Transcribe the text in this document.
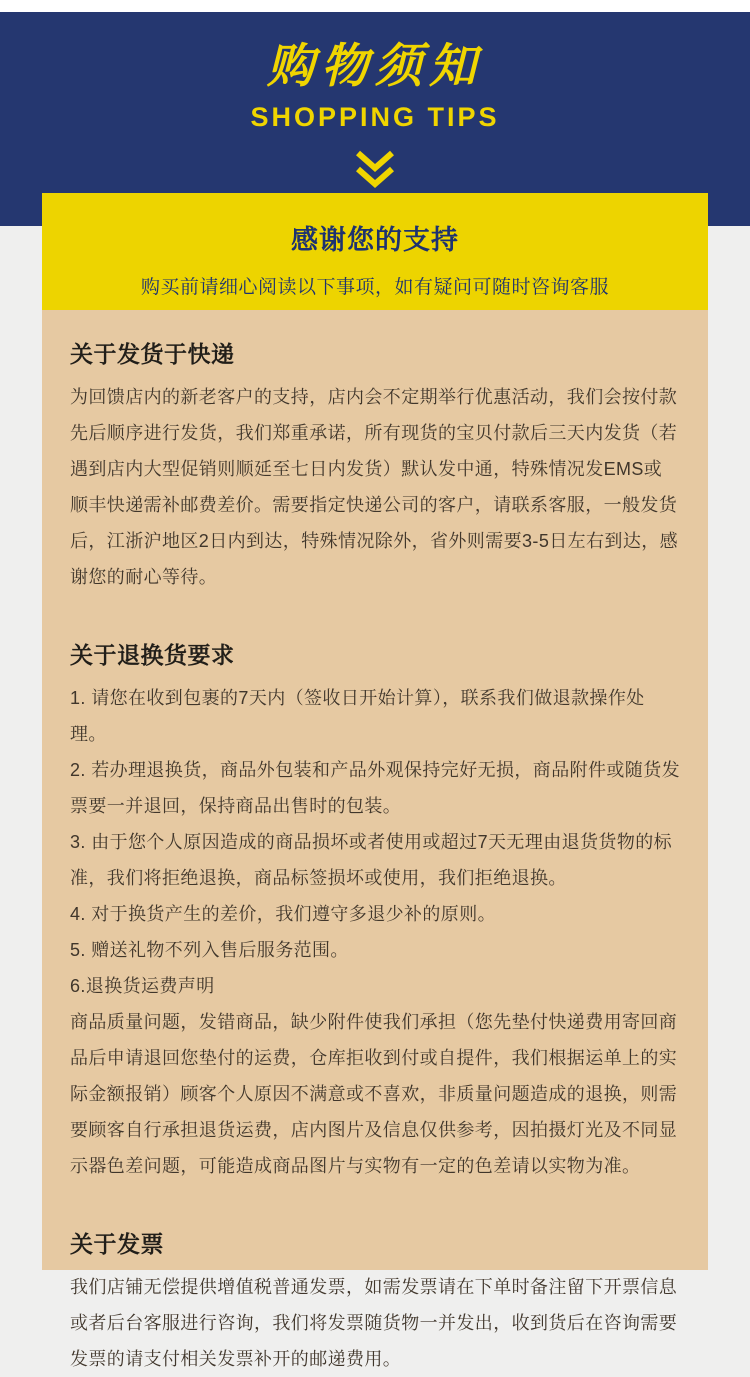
购物须知
SHOPPING TIPS
感谢您的支持
购买前请细心阅读以下事项，如有疑问可随时咨询客服
关于发货于快递

为回馈店内的新老客户的支持，店内会不定期举行优惠活动，我们会按付款先后顺序进行发货，我们郑重承诺，所有现货的宝贝付款后三天内发货（若遇到店内大型促销则顺延至七日内发货）默认发中通，特殊情况发EMS或顺丰快递需补邮费差价。需要指定快递公司的客户，请联系客服，一般发货后，江浙沪地区2日内到达，特殊情况除外，省外则需要3-5日左右到达，感谢您的耐心等待。

关于退换货要求

1. 请您在收到包裹的7天内（签收日开始计算），联系我们做退款操作处理。

2. 若办理退换货，商品外包装和产品外观保持完好无损，商品附件或随货发票要一并退回，保持商品出售时的包装。

3. 由于您个人原因造成的商品损坏或者使用或超过7天无理由退货货物的标准，我们将拒绝退换，商品标签损坏或使用，我们拒绝退换。

4. 对于换货产生的差价，我们遵守多退少补的原则。

5. 赠送礼物不列入售后服务范围。

6.退换货运费声明

商品质量问题，发错商品，缺少附件使我们承担（您先垫付快递费用寄回商品后申请退回您垫付的运费，仓库拒收到付或自提件，我们根据运单上的实际金额报销）顾客个人原因不满意或不喜欢，非质量问题造成的退换，则需要顾客自行承担退货运费，店内图片及信息仅供参考，因拍摄灯光及不同显示器色差问题，可能造成商品图片与实物有一定的色差请以实物为准。

关于发票

我们店铺无偿提供增值税普通发票，如需发票请在下单时备注留下开票信息或者后台客服进行咨询，我们将发票随货物一并发出，收到货后在咨询需要发票的请支付相关发票补开的邮递费用。
